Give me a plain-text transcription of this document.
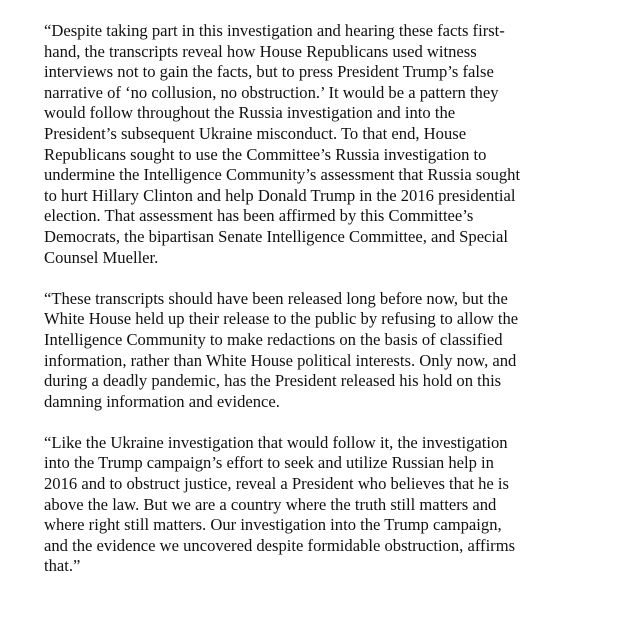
“Despite taking part in this investigation and hearing these facts first-
hand, the transcripts reveal how House Republicans used witness
interviews not to gain the facts, but to press President Trump’s false
narrative of ‘no collusion, no obstruction.’ It would be a pattern they
would follow throughout the Russia investigation and into the
President’s subsequent Ukraine misconduct. To that end, House
Republicans sought to use the Committee’s Russia investigation to
undermine the Intelligence Community’s assessment that Russia sought
to hurt Hillary Clinton and help Donald Trump in the 2016 presidential
election. That assessment has been affirmed by this Committee’s
Democrats, the bipartisan Senate Intelligence Committee, and Special
Counsel Mueller.

“These transcripts should have been released long before now, but the
White House held up their release to the public by refusing to allow the
Intelligence Community to make redactions on the basis of classified
information, rather than White House political interests. Only now, and
during a deadly pandemic, has the President released his hold on this
damning information and evidence.

“Like the Ukraine investigation that would follow it, the investigation
into the Trump campaign’s effort to seek and utilize Russian help in
2016 and to obstruct justice, reveal a President who believes that he is
above the law. But we are a country where the truth still matters and
where right still matters. Our investigation into the Trump campaign,
and the evidence we uncovered despite formidable obstruction, affirms
that.”
